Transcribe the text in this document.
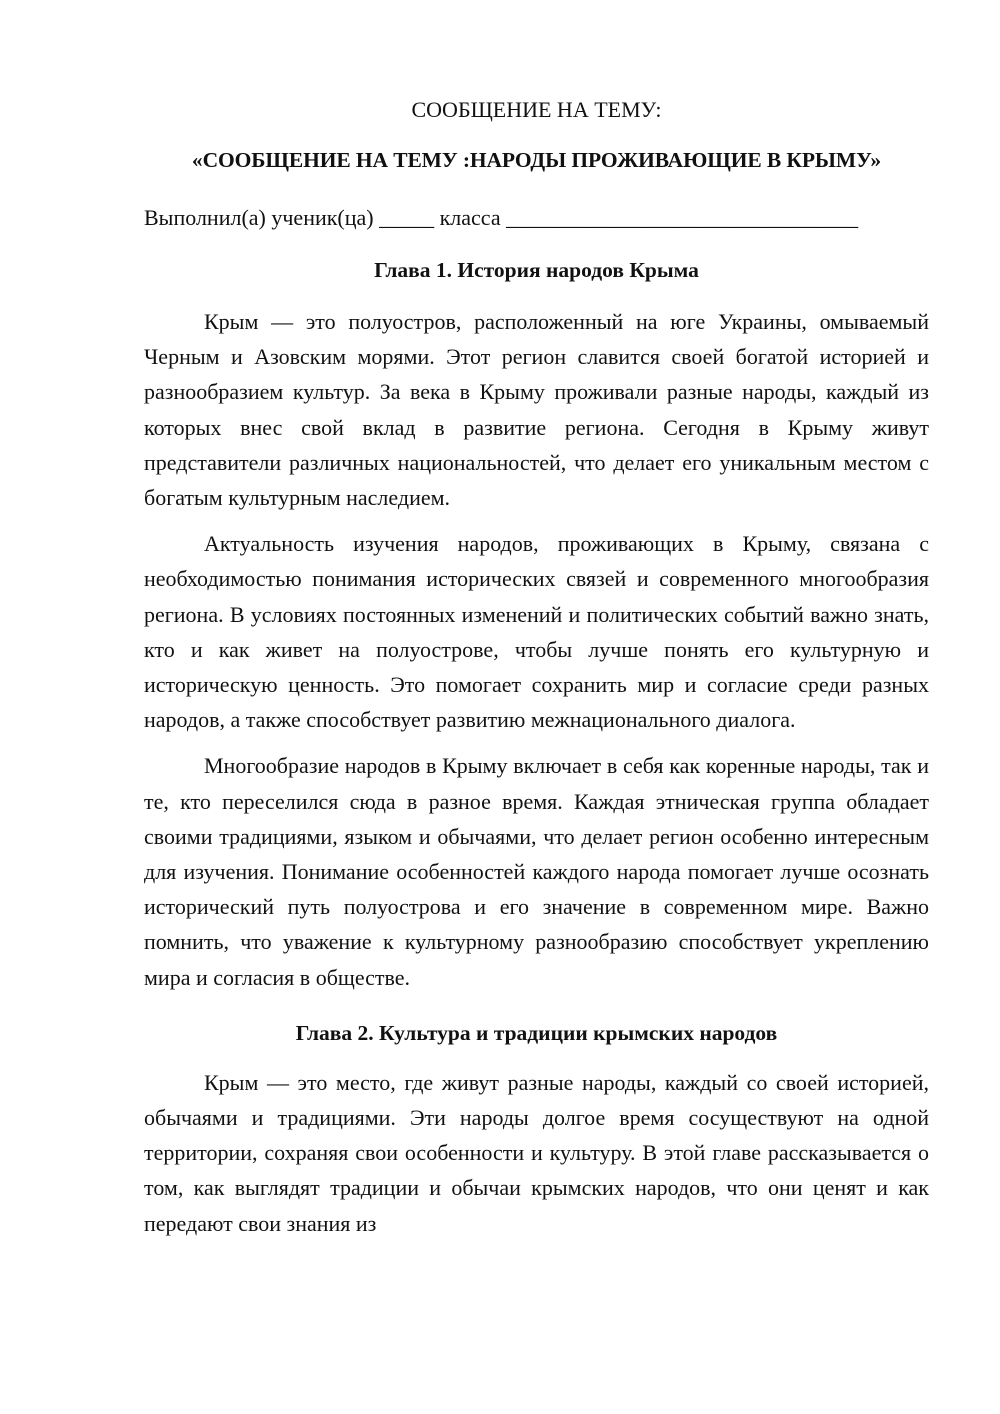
СООБЩЕНИЕ НА ТЕМУ:

«СООБЩЕНИЕ НА ТЕМУ :НАРОДЫ ПРОЖИВАЮЩИЕ В КРЫМУ»

Выполнил(а) ученик(ца) _____ класса ________________________________

Глава 1. История народов Крыма

Крым — это полуостров, расположенный на юге Украины, омываемый Черным и Азовским морями. Этот регион славится своей богатой историей и разнообразием культур. За века в Крыму проживали разные народы, каждый из которых внес свой вклад в развитие региона. Сегодня в Крыму живут представители различных национальностей, что делает его уникальным местом с богатым культурным наследием.

Актуальность изучения народов, проживающих в Крыму, связана с необходимостью понимания исторических связей и современного многообразия региона. В условиях постоянных изменений и политических событий важно знать, кто и как живет на полуострове, чтобы лучше понять его культурную и историческую ценность. Это помогает сохранить мир и согласие среди разных народов, а также способствует развитию межнационального диалога.

Многообразие народов в Крыму включает в себя как коренные народы, так и те, кто переселился сюда в разное время. Каждая этническая группа обладает своими традициями, языком и обычаями, что делает регион особенно интересным для изучения. Понимание особенностей каждого народа помогает лучше осознать исторический путь полуострова и его значение в современном мире. Важно помнить, что уважение к культурному разнообразию способствует укреплению мира и согласия в обществе.

Глава 2. Культура и традиции крымских народов

Крым — это место, где живут разные народы, каждый со своей историей, обычаями и традициями. Эти народы долгое время сосуществуют на одной территории, сохраняя свои особенности и культуру. В этой главе рассказывается о том, как выглядят традиции и обычаи крымских народов, что они ценят и как передают свои знания из
